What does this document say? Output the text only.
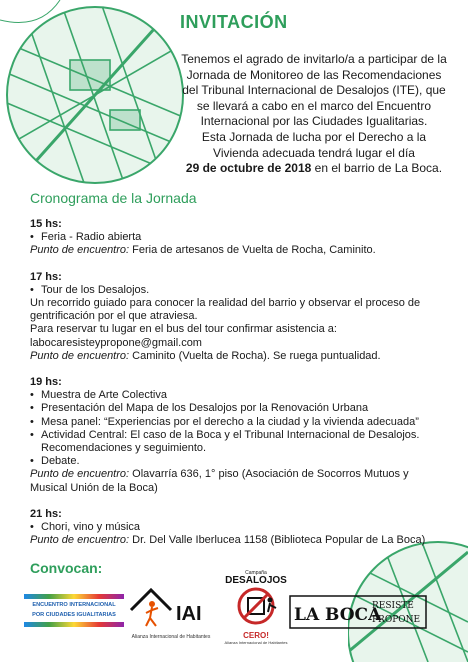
INVITACIÓN
Tenemos el agrado de invitarlo/a a participar de la
Jornada de Monitoreo de las Recomendaciones
del Tribunal Internacional de Desalojos (ITE), que
se llevará a cabo en el marco del Encuentro
Internacional por las Ciudades Igualitarias.
Esta Jornada de lucha por el Derecho a la
Vivienda adecuada tendrá lugar el día
29 de octubre de 2018 en el barrio de La Boca.
Cronograma de la Jornada
15 hs:
• Feria - Radio abierta
Punto de encuentro: Feria de artesanos de Vuelta de Rocha, Caminito.
17 hs:
• Tour de los Desalojos.
Un recorrido guiado para conocer la realidad del barrio y observar el proceso de
gentrificación por el que atraviesa.
Para reservar tu lugar en el bus del tour confirmar asistencia a:
labocaresisteypropone@gmail.com
Punto de encuentro: Caminito (Vuelta de Rocha). Se ruega puntualidad.
19 hs:
• Muestra de Arte Colectiva
• Presentación del Mapa de los Desalojos por la Renovación Urbana
• Mesa panel: “Experiencias por el derecho a la ciudad y la vivienda adecuada”
• Actividad Central: El caso de la Boca y el Tribunal Internacional de Desalojos.
Recomendaciones y seguimiento.
• Debate.
Punto de encuentro: Olavarría 636, 1° piso (Asociación de Socorros Mutuos y
Musical Unión de la Boca)
21 hs:
• Chori, vino y música
Punto de encuentro: Dr. Del Valle Iberlucea 1158 (Biblioteca Popular de La Boca)
Convocan:
ENCUENTRO INTERNACIONAL
POR CIUDADES IGUALITARIAS	IAI
Alianza Internacional de Habitantes
Campaña
DESALOJOS
CERO!
Alianza Internacional de Habitantes
LA BOCA
RESISTE
PROPONE
